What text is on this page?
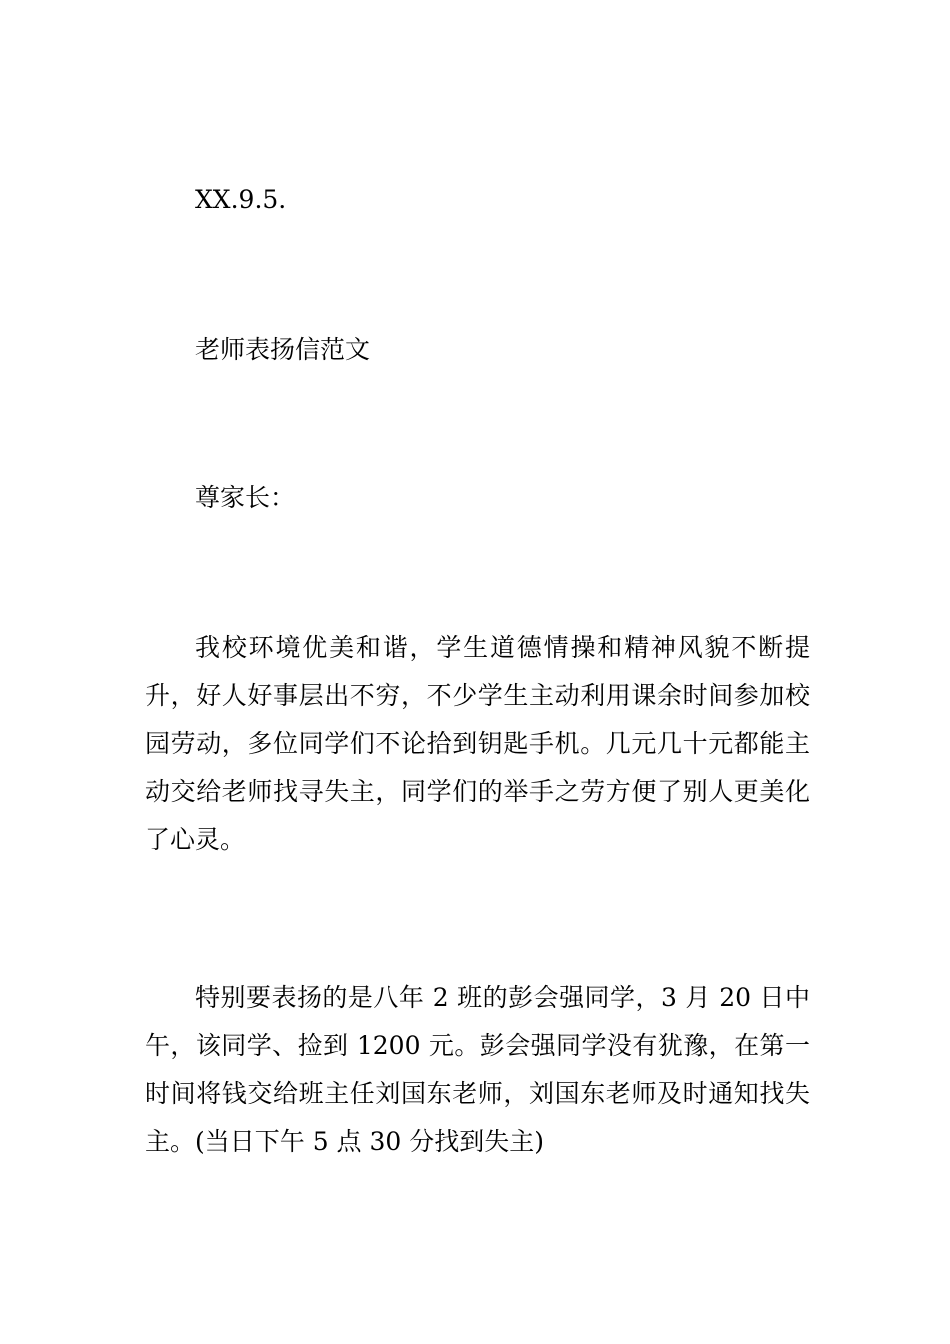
XX.9.5.

老师表扬信范文

尊家长：

我校环境优美和谐，学生道德情操和精神风貌不断提升，好人好事层出不穷，不少学生主动利用课余时间参加校园劳动，多位同学们不论拾到钥匙手机。几元几十元都能主动交给老师找寻失主，同学们的举手之劳方便了别人更美化了心灵。

特别要表扬的是八年 2 班的彭会强同学，3 月 20 日中午，该同学、捡到 1200 元。彭会强同学没有犹豫，在第一时间将钱交给班主任刘国东老师，刘国东老师及时通知找失主。(当日下午 5 点 30 分找到失主)
